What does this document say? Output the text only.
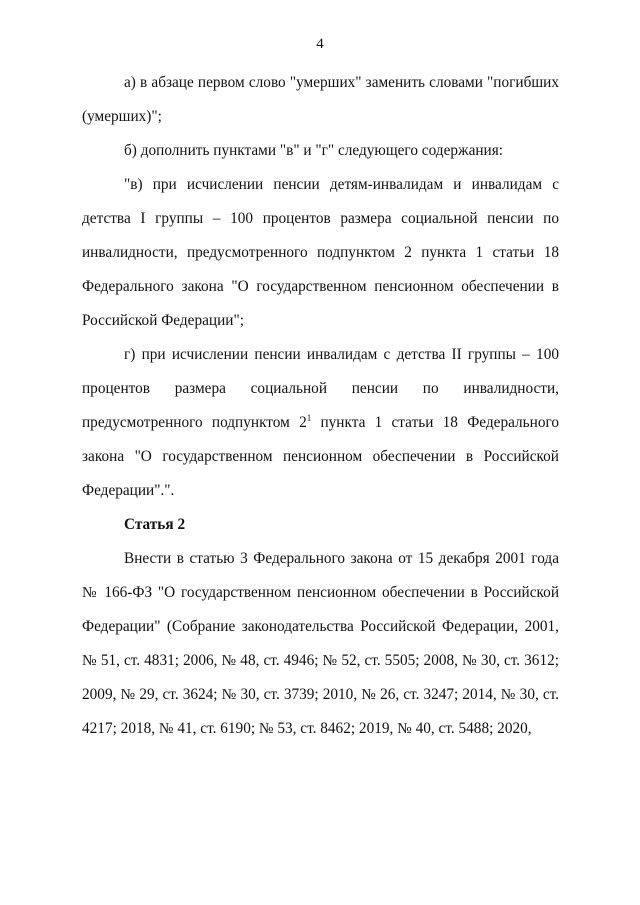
4

а) в абзаце первом слово "умерших" заменить словами "погибших (умерших)";

б) дополнить пунктами "в" и "г" следующего содержания:

"в) при исчислении пенсии детям-инвалидам и инвалидам с детства I группы – 100 процентов размера социальной пенсии по инвалидности, предусмотренного подпунктом 2 пункта 1 статьи 18 Федерального закона "О государственном пенсионном обеспечении в Российской Федерации";

г) при исчислении пенсии инвалидам с детства II группы – 100 процентов размера социальной пенсии по инвалидности, предусмотренного подпунктом $2^1$ пункта 1 статьи 18 Федерального закона "О государственном пенсионном обеспечении в Российской Федерации".".

Статья 2

Внести в статью 3 Федерального закона от 15 декабря 2001 года № 166-ФЗ "О государственном пенсионном обеспечении в Российской Федерации" (Собрание законодательства Российской Федерации, 2001, № 51, ст. 4831; 2006, № 48, ст. 4946; № 52, ст. 5505; 2008, № 30, ст. 3612; 2009, № 29, ст. 3624; № 30, ст. 3739; 2010, № 26, ст. 3247; 2014, № 30, ст. 4217; 2018, № 41, ст. 6190; № 53, ст. 8462; 2019, № 40, ст. 5488; 2020,
